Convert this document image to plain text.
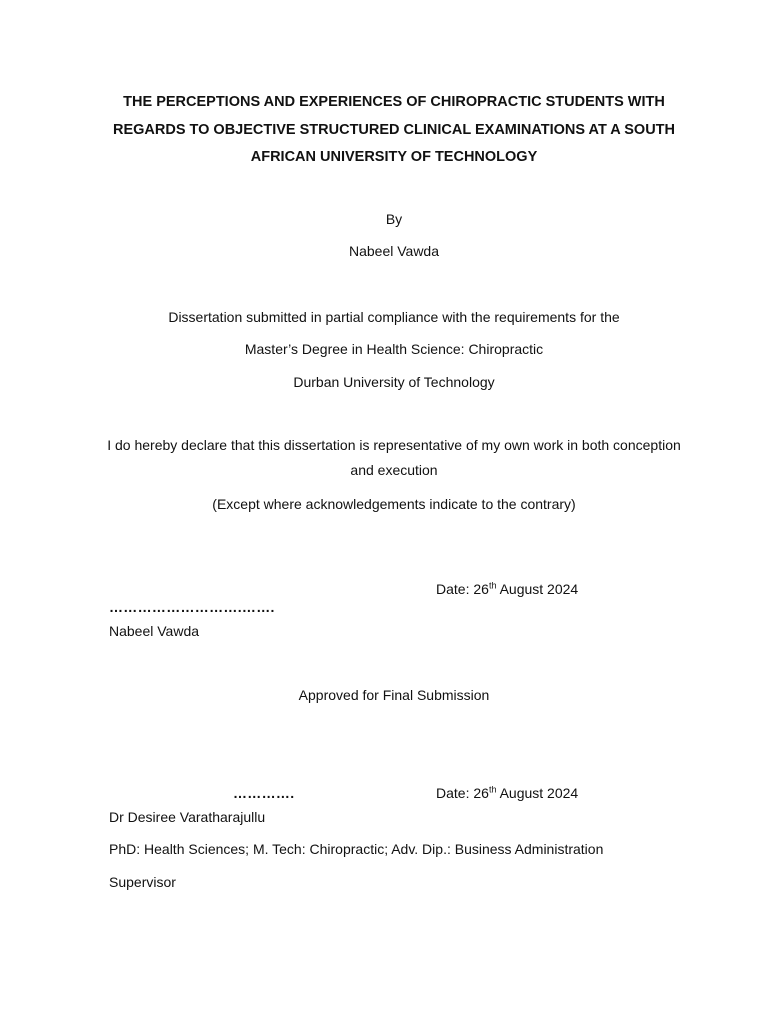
THE PERCEPTIONS AND EXPERIENCES OF CHIROPRACTIC STUDENTS WITH REGARDS TO OBJECTIVE STRUCTURED CLINICAL EXAMINATIONS AT A SOUTH AFRICAN UNIVERSITY OF TECHNOLOGY
By
Nabeel Vawda
Dissertation submitted in partial compliance with the requirements for the
Master’s Degree in Health Science: Chiropractic
Durban University of Technology
I do hereby declare that this dissertation is representative of my own work in both conception and execution
(Except where acknowledgements indicate to the contrary)
Date: 26th August 2024
……………………….…….
Nabeel Vawda
Approved for Final Submission
………….	Date: 26th August 2024
Dr Desiree Varatharajullu
PhD: Health Sciences; M. Tech: Chiropractic; Adv. Dip.: Business Administration
Supervisor
